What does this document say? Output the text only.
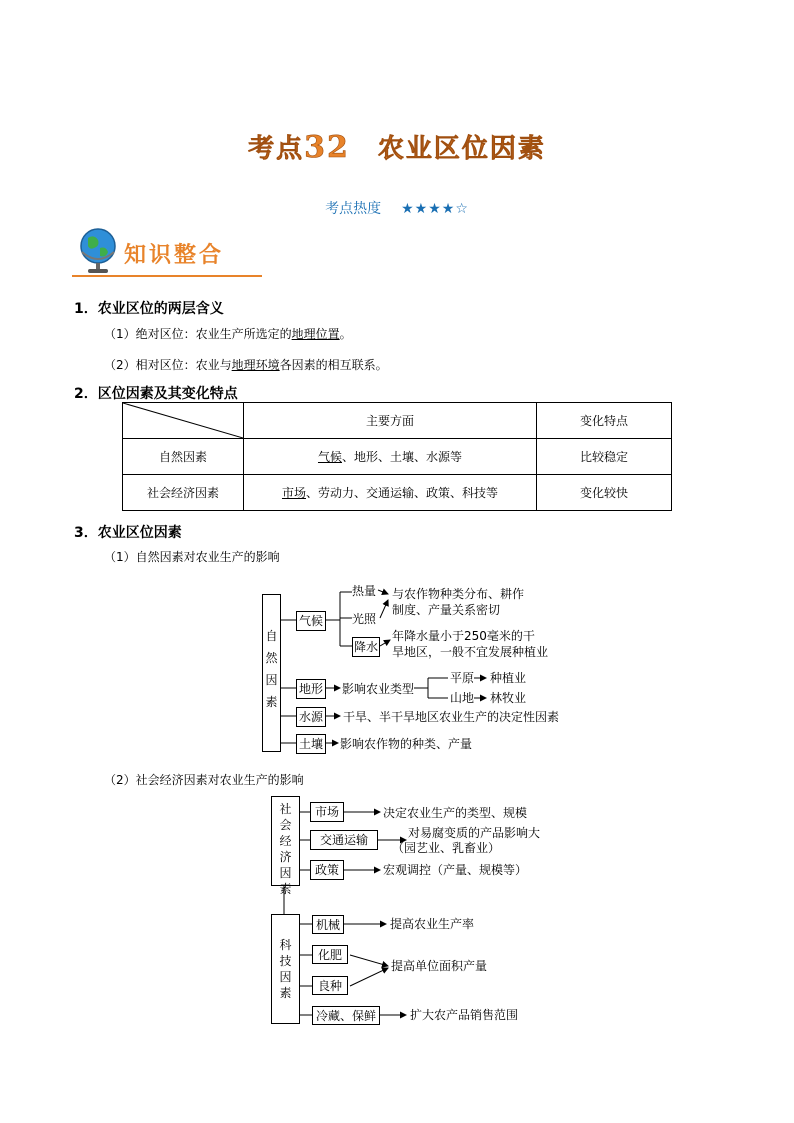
考点32　 农业区位因素
考点热度 ★★★★☆
知识整合
1．农业区位的两层含义
（1）绝对区位：农业生产所选定的地理位置。
（2）相对区位：农业与地理环境各因素的相互联系。
2．区位因素及其变化特点
	主要方面	变化特点
自然因素	气候、地形、土壤、水源等	比较稳定
社会经济因素	市场、劳动力、交通运输、政策、科技等	变化较快
3．农业区位因素
（1）自然因素对农业生产的影响
自然因素
气候
热量
光照
降水
与农作物种类分布、耕作
制度、产量关系密切
年降水量小于250毫米的干
旱地区，一般不宜发展种植业
地形 影响农业类型
平原 种植业
山地 林牧业
水源 干旱、半干旱地区农业生产的决定性因素
土壤 影响农作物的种类、产量
（2）社会经济因素对农业生产的影响
社会经济因素
市场	决定农业生产的类型、规模
交通运输	对易腐变质的产品影响大
（园艺业、乳畜业）
政策	宏观调控（产量、规模等）
科技因素
机械	提高农业生产率
化肥
良种
提高单位面积产量
冷藏、保鲜	扩大农产品销售范围
